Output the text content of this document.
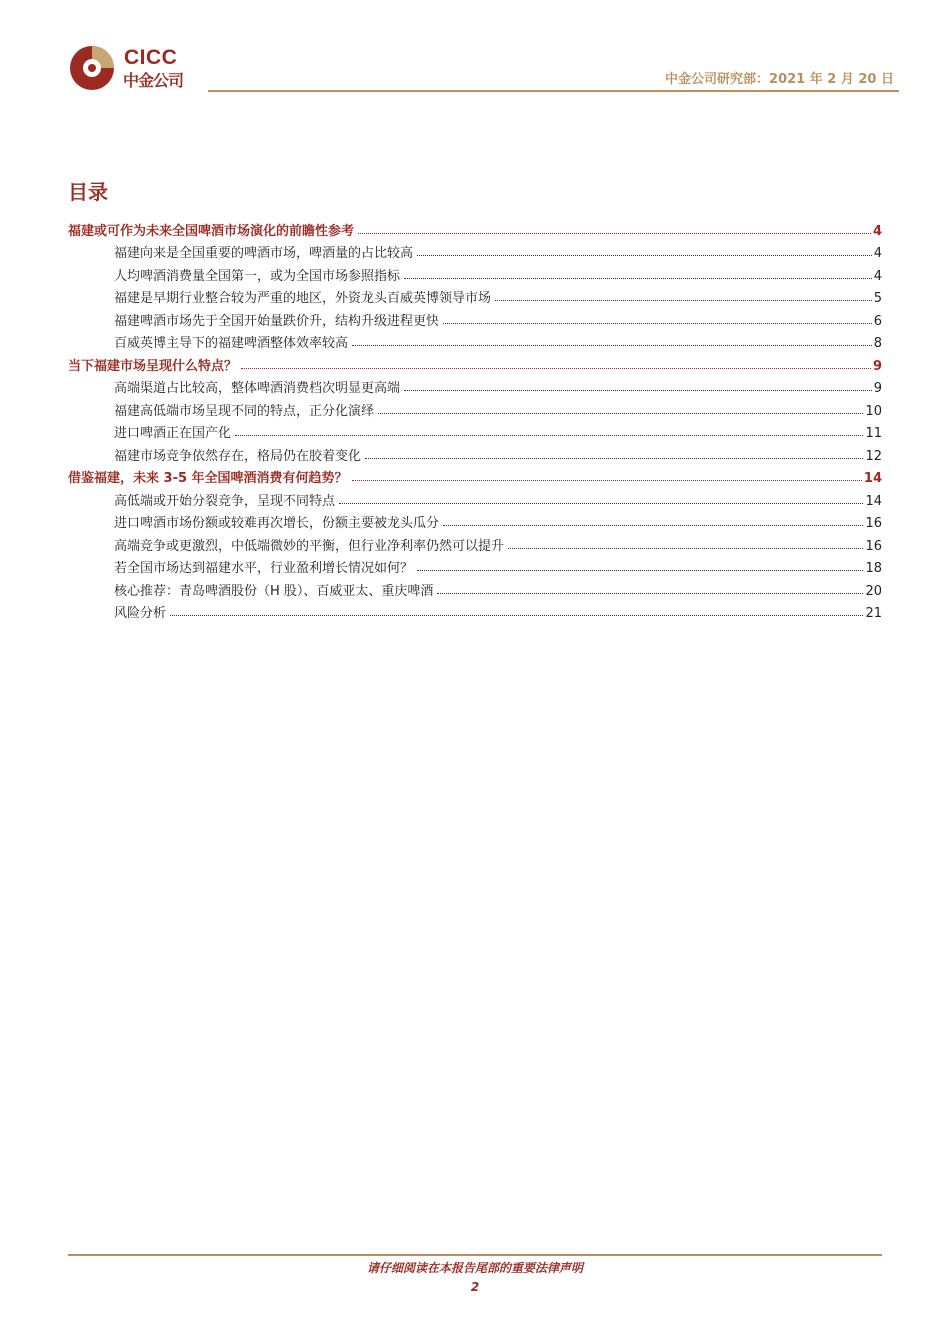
CICC
中金公司	中金公司研究部：2021 年 2 月 20 日
目录
福建或可作为未来全国啤酒市场演化的前瞻性参考	4
福建向来是全国重要的啤酒市场，啤酒量的占比较高	4
人均啤酒消费量全国第一，或为全国市场参照指标	4
福建是早期行业整合较为严重的地区，外资龙头百威英博领导市场	5
福建啤酒市场先于全国开始量跌价升，结构升级进程更快	6
百威英博主导下的福建啤酒整体效率较高	8
当下福建市场呈现什么特点？	9
高端渠道占比较高，整体啤酒消费档次明显更高端	9
福建高低端市场呈现不同的特点，正分化演绎	10
进口啤酒正在国产化	11
福建市场竞争依然存在，格局仍在胶着变化	12
借鉴福建，未来 3-5 年全国啤酒消费有何趋势？	14
高低端或开始分裂竞争，呈现不同特点	14
进口啤酒市场份额或较难再次增长，份额主要被龙头瓜分	16
高端竞争或更激烈，中低端微妙的平衡，但行业净利率仍然可以提升	16
若全国市场达到福建水平，行业盈利增长情况如何？	18
核心推荐：青岛啤酒股份（H 股）、百威亚太、重庆啤酒	20
风险分析	21
请仔细阅读在本报告尾部的重要法律声明
2
